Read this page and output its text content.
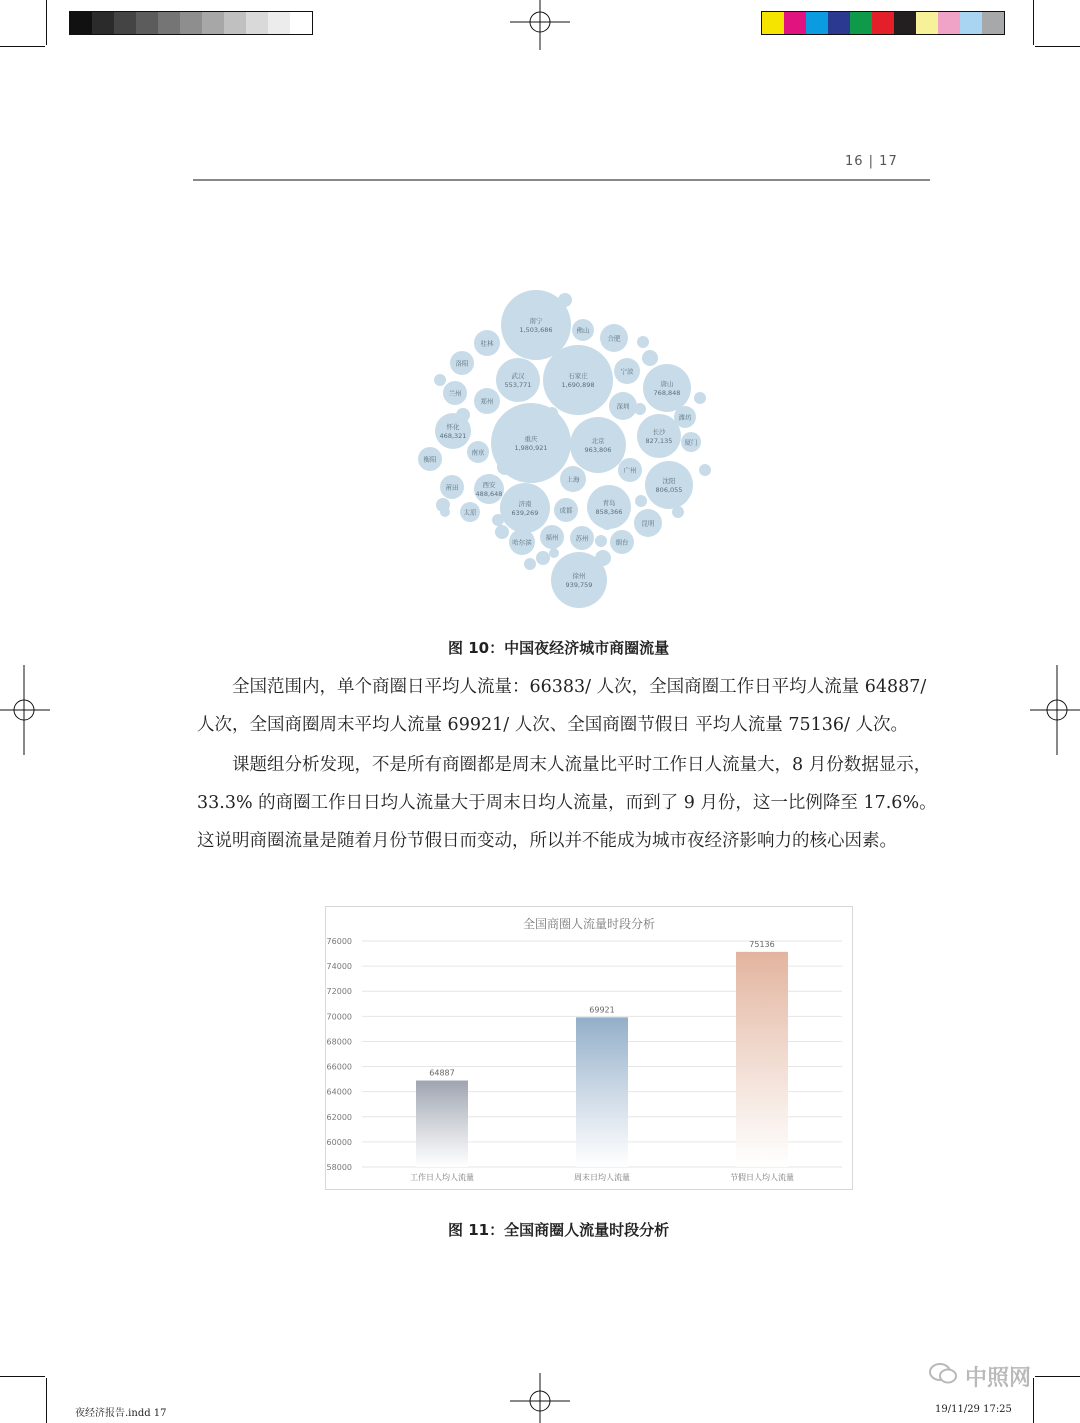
16 | 17
南宁
1,503,686
石家庄
1,690,898
重庆
1,980,921
武汉
553,771
北京
963,806
长沙
827,135
唐山
768,848
沈阳
806,055
青岛
858,366
济南
639,269
西安
488,648
怀化
468,321
徐州
939,759
佛山
合肥
桂林
洛阳
宁波
兰州
郑州
深圳
潍坊
厦门
南京
衡阳
广州
上海
莆田
成都
太原
昆明
哈尔滨
福州	苏州	烟台
图 10：中国夜经济城市商圈流量

全国范围内，单个商圈日平均人流量：66383/ 人次，全国商圈工作日平均人流量 64887/人次，全国商圈周末平均人流量 69921/ 人次、全国商圈节假日 平均人流量 75136/ 人次。

课题组分析发现，不是所有商圈都是周末人流量比平时工作日人流量大，8 月份数据显示，33.3% 的商圈工作日日均人流量大于周末日均人流量，而到了 9 月份，这一比例降至 17.6%。这说明商圈流量是随着月份节假日而变动，所以并不能成为城市夜经济影响力的核心因素。

全国商圈人流量时段分析
58000
60000
62000
64000
66000
68000
70000
72000
74000
76000
64887
工作日人均人流量
69921
周末日均人流量
75136
节假日人均人流量
图 11：全国商圈人流量时段分析
夜经济报告.indd 17	19/11/29 17:25
中照网
